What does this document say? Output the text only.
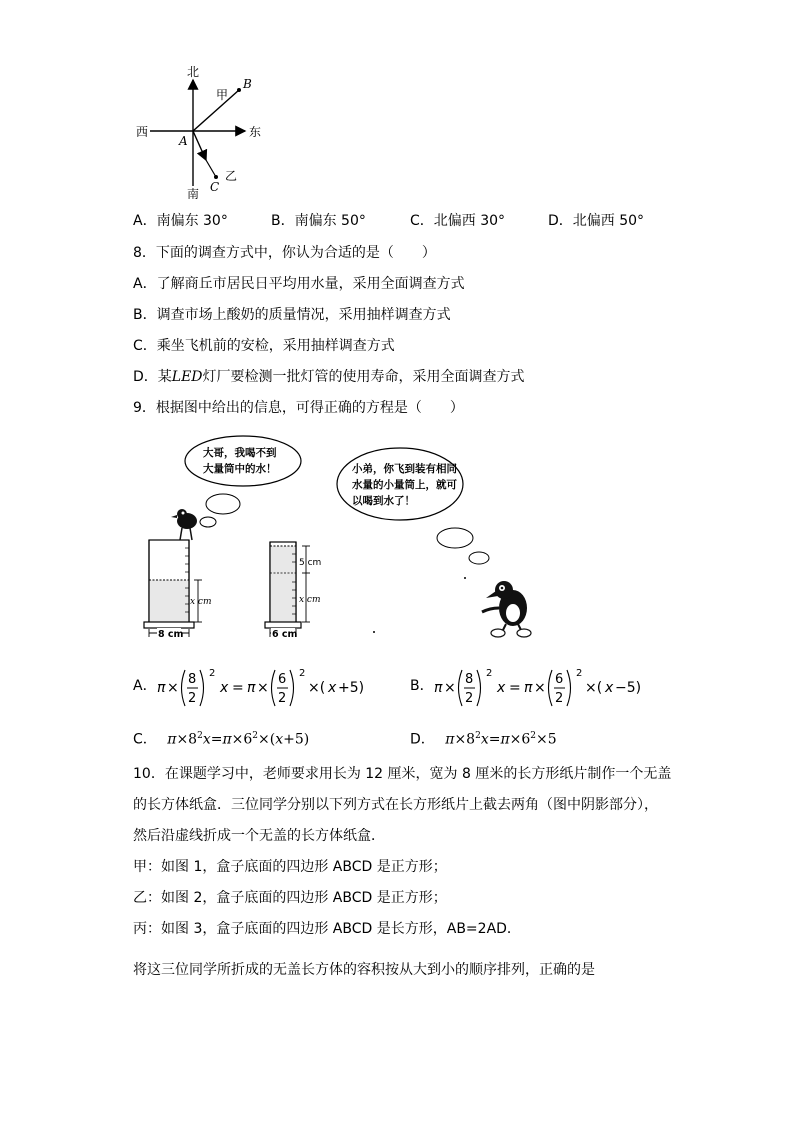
北
南
东
西
A
B
C
甲
乙
A．南偏东 30°	B．南偏东 50°	C．北偏西 30°	D．北偏西 50°
8．下面的调查方式中，你认为合适的是（　　）
A．了解商丘市居民日平均用水量，采用全面调查方式
B．调查市场上酸奶的质量情况，采用抽样调查方式
C．乘坐飞机前的安检，采用抽样调查方式
D．某LED灯厂要检测一批灯管的使用寿命，采用全面调查方式
9．根据图中给出的信息，可得正确的方程是（　　）
大哥，我喝不到
大量筒中的水！	小弟，你飞到装有相同
水量的小量筒上，就可
以喝到水了！
x cm
8 cm
5 cm
x cm
6 cm
A． π ×
8
2
2
x = π ×
6
2
2
×( x +5)	B． π ×
8
2
2
x = π ×
6
2
2
×( x −5)
C． $\pi\times 8^2x=\pi\times 6^2\times(x+5)$	D． $\pi\times 8^2x=\pi\times 6^2\times 5$
10．在课题学习中，老师要求用长为 12 厘米，宽为 8 厘米的长方形纸片制作一个无盖
的长方体纸盒．三位同学分别以下列方式在长方形纸片上截去两角（图中阴影部分），
然后沿虚线折成一个无盖的长方体纸盒．
甲：如图 1，盒子底面的四边形 ABCD 是正方形；
乙：如图 2，盒子底面的四边形 ABCD 是正方形；
丙：如图 3，盒子底面的四边形 ABCD 是长方形，AB=2AD．
将这三位同学所折成的无盖长方体的容积按从大到小的顺序排列，正确的是
